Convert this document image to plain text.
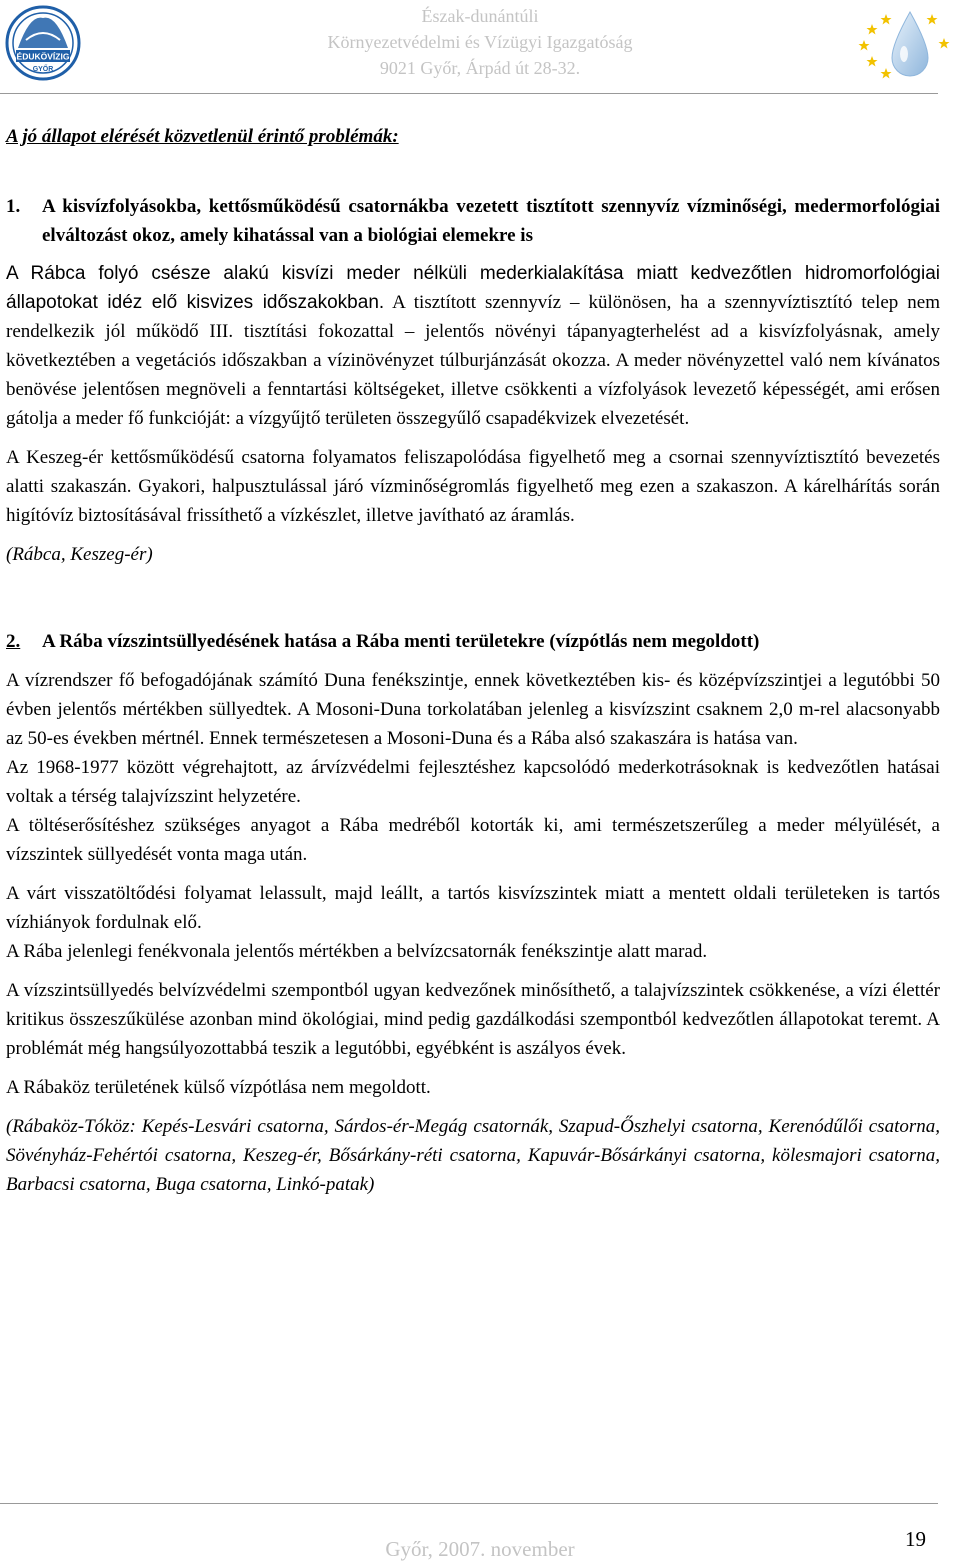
ÉDUKÖVÍZIG
GYŐR
Észak-dunántúli
Környezetvédelmi és Vízügyi Igazgatóság
9021 Győr, Árpád út 28-32.

A jó állapot elérését közvetlenül érintő problémák:

1.	A kisvízfolyásokba, kettősműködésű csatornákba vezetett tisztított szennyvíz vízminőségi, medermorfológiai elváltozást okoz, amely kihatással van a biológiai elemekre is

A Rábca folyó csésze alakú kisvízi meder nélküli mederkialakítása miatt kedvezőtlen hidromorfológiai állapotokat idéz elő kisvizes időszakokban. A tisztított szennyvíz – különösen, ha a szennyvíztisztító telep nem rendelkezik jól működő III. tisztítási fokozattal – jelentős növényi tápanyagterhelést ad a kisvízfolyásnak, amely következtében a vegetációs időszakban a vízinövényzet túlburjánzását okozza. A meder növényzettel való nem kívánatos benövése jelentősen megnöveli a fenntartási költségeket, illetve csökkenti a vízfolyások levezető képességét, ami erősen gátolja a meder fő funkcióját: a vízgyűjtő területen összegyűlő csapadékvizek elvezetését.

A Keszeg-ér kettősműködésű csatorna folyamatos feliszapolódása figyelhető meg a csornai szennyvíztisztító bevezetés alatti szakaszán. Gyakori, halpusztulással járó vízminőségromlás figyelhető meg ezen a szakaszon. A kárelhárítás során higítóvíz biztosításával frissíthető a vízkészlet, illetve javítható az áramlás.

(Rábca, Keszeg-ér)

2.	A Rába vízszintsüllyedésének hatása a Rába menti területekre (vízpótlás nem megoldott)

A vízrendszer fő befogadójának számító Duna fenékszintje, ennek következtében kis- és középvízszintjei a legutóbbi 50 évben jelentős mértékben süllyedtek. A Mosoni-Duna torkolatában jelenleg a kisvízszint csaknem 2,0 m-rel alacsonyabb az 50-es években mértnél. Ennek természetesen a Mosoni-Duna és a Rába alsó szakaszára is hatása van.

Az 1968-1977 között végrehajtott, az árvízvédelmi fejlesztéshez kapcsolódó mederkotrásoknak is kedvezőtlen hatásai voltak a térség talajvízszint helyzetére.

A töltéserősítéshez szükséges anyagot a Rába medréből kotorták ki, ami természetszerűleg a meder mélyülését, a vízszintek süllyedését vonta maga után.

A várt visszatöltődési folyamat lelassult, majd leállt, a tartós kisvízszintek miatt a mentett oldali területeken is tartós vízhiányok fordulnak elő.

A Rába jelenlegi fenékvonala jelentős mértékben a belvízcsatornák fenékszintje alatt marad.

A vízszintsüllyedés belvízvédelmi szempontból ugyan kedvezőnek minősíthető, a talajvízszintek csökkenése, a vízi élettér kritikus összeszűkülése azonban mind ökológiai, mind pedig gazdálkodási szempontból kedvezőtlen állapotokat teremt. A problémát még hangsúlyozottabbá teszik a legutóbbi, egyébként is aszályos évek.

A Rábaköz területének külső vízpótlása nem megoldott.

(Rábaköz-Tóköz: Kepés-Lesvári csatorna, Sárdos-ér-Megág csatornák, Szapud-Őszhelyi csatorna, Kerenódűlői csatorna, Sövényház-Fehértói csatorna, Keszeg-ér, Bősárkány-réti csatorna, Kapuvár-Bősárkányi csatorna, kölesmajori csatorna, Barbacsi csatorna, Buga csatorna, Linkó-patak)

Győr, 2007. november	19
